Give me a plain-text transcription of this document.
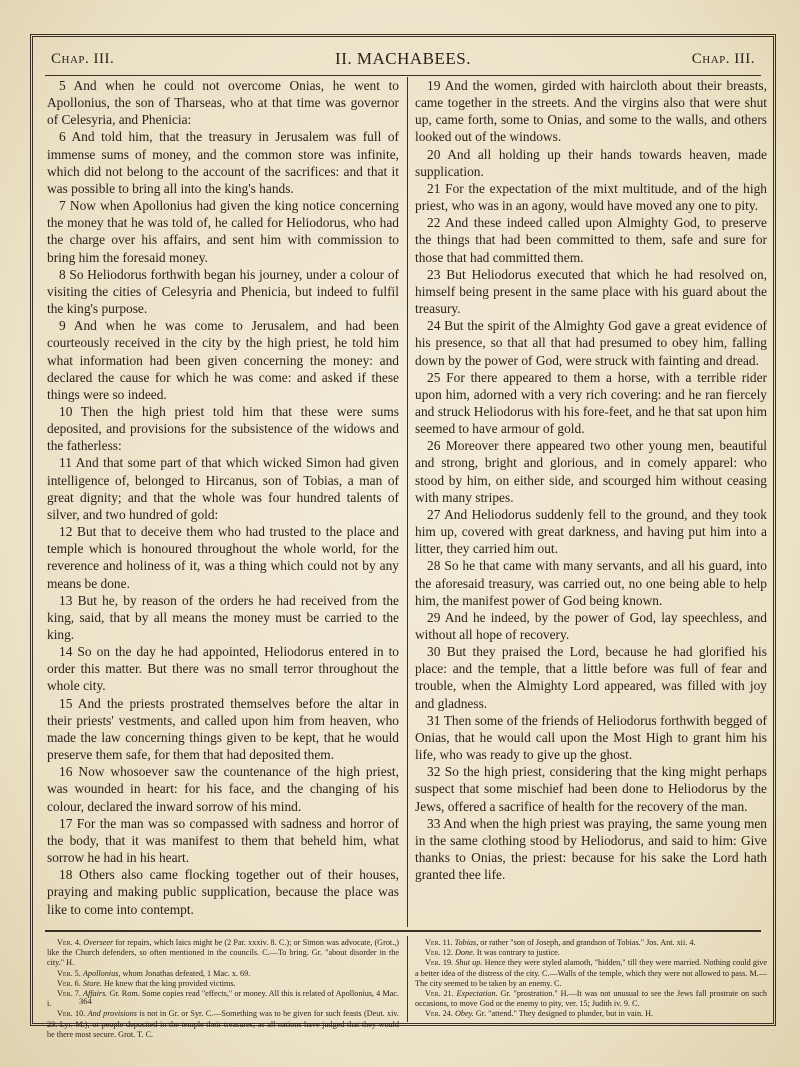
Chap. III.	II. MACHABEES.	Chap. III.

5 And when he could not overcome Onias, he went to Apollonius, the son of Tharseas, who at that time was governor of Celesyria, and Phenicia:

6 And told him, that the treasury in Jerusalem was full of immense sums of money, and the common store was infinite, which did not belong to the account of the sacrifices: and that it was possible to bring all into the king's hands.

7 Now when Apollonius had given the king notice concerning the money that he was told of, he called for Heliodorus, who had the charge over his affairs, and sent him with commission to bring him the foresaid money.

8 So Heliodorus forthwith began his journey, under a colour of visiting the cities of Celesyria and Phenicia, but indeed to fulfil the king's purpose.

9 And when he was come to Jerusalem, and had been courteously received in the city by the high priest, he told him what information had been given concerning the money: and declared the cause for which he was come: and asked if these things were so indeed.

10 Then the high priest told him that these were sums deposited, and provisions for the subsistence of the widows and the fatherless:

11 And that some part of that which wicked Simon had given intelligence of, belonged to Hircanus, son of Tobias, a man of great dignity; and that the whole was four hundred talents of silver, and two hundred of gold:

12 But that to deceive them who had trusted to the place and temple which is honoured throughout the whole world, for the reverence and holiness of it, was a thing which could not by any means be done.

13 But he, by reason of the orders he had received from the king, said, that by all means the money must be carried to the king.

14 So on the day he had appointed, Heliodorus entered in to order this matter. But there was no small terror throughout the whole city.

15 And the priests prostrated themselves before the altar in their priests' vestments, and called upon him from heaven, who made the law concerning things given to be kept, that he would preserve them safe, for them that had deposited them.

16 Now whosoever saw the countenance of the high priest, was wounded in heart: for his face, and the changing of his colour, declared the inward sorrow of his mind.

17 For the man was so compassed with sadness and horror of the body, that it was manifest to them that beheld him, what sorrow he had in his heart.

18 Others also came flocking together out of their houses, praying and making public supplication, because the place was like to come into contempt.

19 And the women, girded with haircloth about their breasts, came together in the streets. And the virgins also that were shut up, came forth, some to Onias, and some to the walls, and others looked out of the windows.

20 And all holding up their hands towards heaven, made supplication.

21 For the expectation of the mixt multitude, and of the high priest, who was in an agony, would have moved any one to pity.

22 And these indeed called upon Almighty God, to preserve the things that had been committed to them, safe and sure for those that had committed them.

23 But Heliodorus executed that which he had resolved on, himself being present in the same place with his guard about the treasury.

24 But the spirit of the Almighty God gave a great evidence of his presence, so that all that had presumed to obey him, falling down by the power of God, were struck with fainting and dread.

25 For there appeared to them a horse, with a terrible rider upon him, adorned with a very rich covering: and he ran fiercely and struck Heliodorus with his fore-feet, and he that sat upon him seemed to have armour of gold.

26 Moreover there appeared two other young men, beautiful and strong, bright and glorious, and in comely apparel: who stood by him, on either side, and scourged him without ceasing with many stripes.

27 And Heliodorus suddenly fell to the ground, and they took him up, covered with great darkness, and having put him into a litter, they carried him out.

28 So he that came with many servants, and all his guard, into the aforesaid treasury, was carried out, no one being able to help him, the manifest power of God being known.

29 And he indeed, by the power of God, lay speechless, and without all hope of recovery.

30 But they praised the Lord, because he had glorified his place: and the temple, that a little before was full of fear and trouble, when the Almighty Lord appeared, was filled with joy and gladness.

31 Then some of the friends of Heliodorus forthwith begged of Onias, that he would call upon the Most High to grant him his life, who was ready to give up the ghost.

32 So the high priest, considering that the king might perhaps suspect that some mischief had been done to Heliodorus by the Jews, offered a sacrifice of health for the recovery of the man.

33 And when the high priest was praying, the same young men in the same clothing stood by Heliodorus, and said to him: Give thanks to Onias, the priest: because for his sake the Lord hath granted thee life.

Ver. 4. Overseer for repairs, which laics might be (2 Par. xxxiv. 8. C.); or Simon was advocate, (Grot.,) like the Church defenders, so often mentioned in the councils. C.—To bring. Gr. "about disorder in the city." H.

Ver. 5. Apollonius, whom Jonathas defeated, 1 Mac. x. 69.

Ver. 6. Store. He knew that the king provided victims.

Ver. 7. Affairs. Gr. Rom. Some copies read "effects," or money. All this is related of Apollonius, 4 Mac. i.

Ver. 10. And provisions is not in Gr. or Syr. C.—Something was to be given for such feasts (Deut. xiv. 23. Lyr. M.); or people deposited in the temple their treasures; as all nations have judged that they would be there most secure. Grot. T. C.

Ver. 11. Tobias, or rather "son of Joseph, and grandson of Tobias." Jos. Ant. xii. 4.

Ver. 12. Done. It was contrary to justice.

Ver. 19. Shut up. Hence they were styled alamoth, "hidden," till they were married. Nothing could give a better idea of the distress of the city. C.—Walls of the temple, which they were not allowed to pass. M.—The city seemed to be taken by an enemy. C.

Ver. 21. Expectation. Gr. "prostration." H.—It was not unusual to see the Jews fall prostrate on such occasions, to move God or the enemy to pity, ver. 15; Judith iv. 9. C.

Ver. 24. Obey. Gr. "attend." They designed to plunder, but in vain. H.

364
